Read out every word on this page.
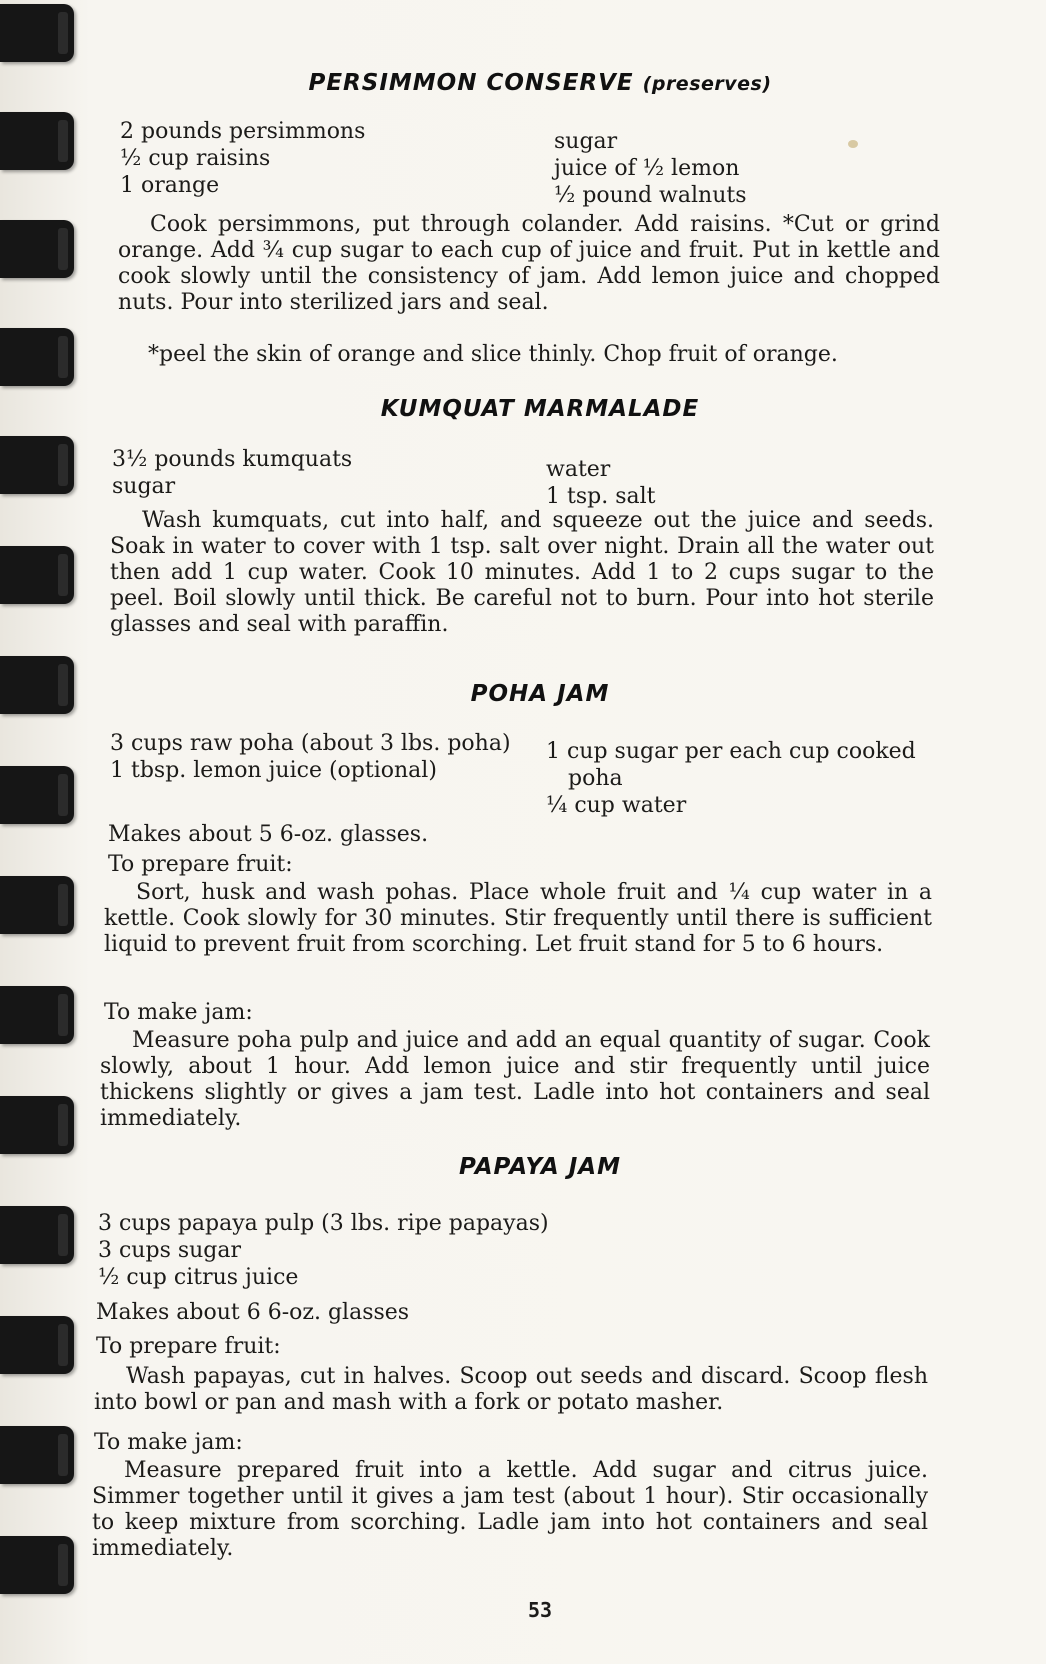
PERSIMMON CONSERVE (preserves)
2 pounds persimmons
½ cup raisins
1 orange
sugar
juice of ½ lemon
½ pound walnuts
Cook persimmons, put through colander. Add raisins. *Cut or grind orange. Add ¾ cup sugar to each cup of juice and fruit. Put in kettle and cook slowly until the consistency of jam. Add lemon juice and chopped nuts. Pour into sterilized jars and seal.
*peel the skin of orange and slice thinly. Chop fruit of orange.
KUMQUAT MARMALADE
3½ pounds kumquats
sugar
water
1 tsp. salt
Wash kumquats, cut into half, and squeeze out the juice and seeds. Soak in water to cover with 1 tsp. salt over night. Drain all the water out then add 1 cup water. Cook 10 minutes. Add 1 to 2 cups sugar to the peel. Boil slowly until thick. Be careful not to burn. Pour into hot sterile glasses and seal with paraffin.
POHA JAM
3 cups raw poha (about 3 lbs. poha)
1 tbsp. lemon juice (optional)
1 cup sugar per each cup cooked
poha
¼ cup water
Makes about 5 6-oz. glasses.
To prepare fruit:
Sort, husk and wash pohas. Place whole fruit and ¼ cup water in a kettle. Cook slowly for 30 minutes. Stir frequently until there is sufficient liquid to prevent fruit from scorching. Let fruit stand for 5 to 6 hours.
To make jam:
Measure poha pulp and juice and add an equal quantity of sugar. Cook slowly, about 1 hour. Add lemon juice and stir frequently until juice thickens slightly or gives a jam test. Ladle into hot containers and seal immediately.
PAPAYA JAM
3 cups papaya pulp (3 lbs. ripe papayas)
3 cups sugar
½ cup citrus juice
Makes about 6 6-oz. glasses
To prepare fruit:
Wash papayas, cut in halves. Scoop out seeds and discard. Scoop flesh into bowl or pan and mash with a fork or potato masher.
To make jam:
Measure prepared fruit into a kettle. Add sugar and citrus juice. Simmer together until it gives a jam test (about 1 hour). Stir occasionally to keep mixture from scorching. Ladle jam into hot containers and seal immediately.
53
